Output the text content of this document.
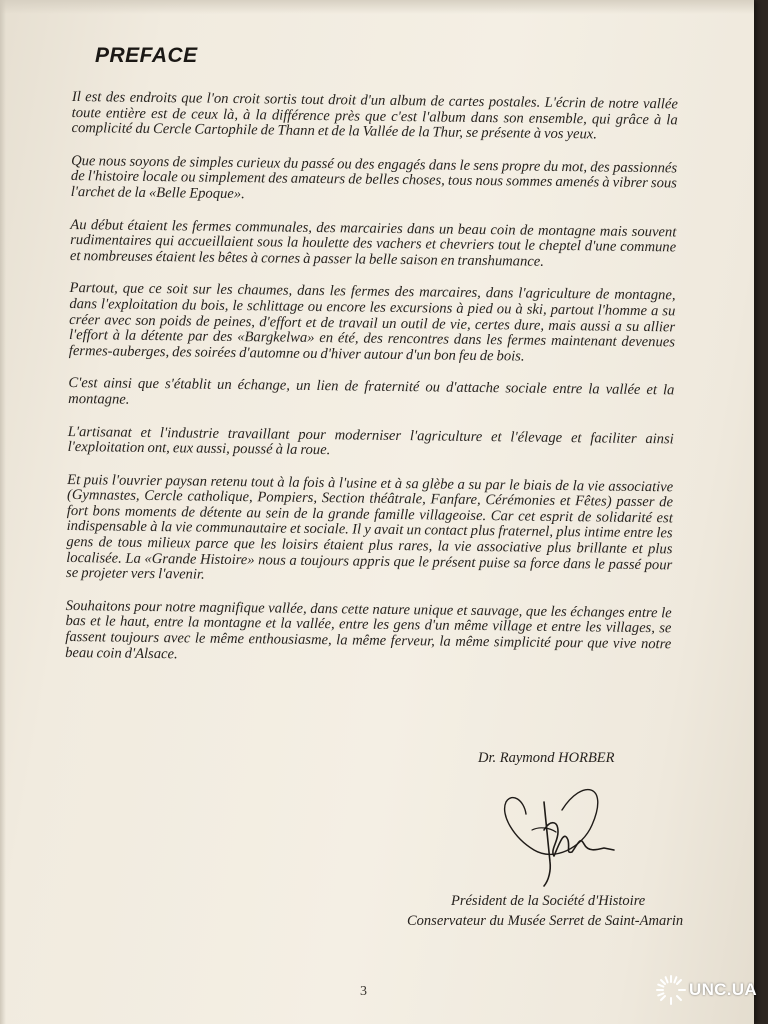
PREFACE

Il est des endroits que l'on croit sortis tout droit d'un album de cartes postales. L'écrin de notre vallée toute entière est de ceux là, à la différence près que c'est l'album dans son ensemble, qui grâce à la complicité du Cercle Cartophile de Thann et de la Vallée de la Thur, se présente à vos yeux.

Que nous soyons de simples curieux du passé ou des engagés dans le sens propre du mot, des passionnés de l'histoire locale ou simplement des amateurs de belles choses, tous nous sommes amenés à vibrer sous l'archet de la «Belle Epoque».

Au début étaient les fermes communales, des marcairies dans un beau coin de montagne mais souvent rudimentaires qui accueillaient sous la houlette des vachers et chevriers tout le cheptel d'une commune et nombreuses étaient les bêtes à cornes à passer la belle saison en transhumance.

Partout, que ce soit sur les chaumes, dans les fermes des marcaires, dans l'agriculture de montagne, dans l'exploitation du bois, le schlittage ou encore les excursions à pied ou à ski, partout l'homme a su créer avec son poids de peines, d'effort et de travail un outil de vie, certes dure, mais aussi a su allier l'effort à la détente par des «Bargkelwa» en été, des rencontres dans les fermes maintenant devenues fermes-auberges, des soirées d'automne ou d'hiver autour d'un bon feu de bois.

C'est ainsi que s'établit un échange, un lien de fraternité ou d'attache sociale entre la vallée et la montagne.

L'artisanat et l'industrie travaillant pour moderniser l'agriculture et l'élevage et faciliter ainsi l'exploitation ont, eux aussi, poussé à la roue.

Et puis l'ouvrier paysan retenu tout à la fois à l'usine et à sa glèbe a su par le biais de la vie associative (Gymnastes, Cercle catholique, Pompiers, Section théâtrale, Fanfare, Cérémonies et Fêtes) passer de fort bons moments de détente au sein de la grande famille villageoise. Car cet esprit de solidarité est indispensable à la vie communautaire et sociale. Il y avait un contact plus fraternel, plus intime entre les gens de tous milieux parce que les loisirs étaient plus rares, la vie associative plus brillante et plus localisée. La «Grande Histoire» nous a toujours appris que le présent puise sa force dans le passé pour se projeter vers l'avenir.

Souhaitons pour notre magnifique vallée, dans cette nature unique et sauvage, que les échanges entre le bas et le haut, entre la montagne et la vallée, entre les gens d'un même village et entre les villages, se fassent toujours avec le même enthousiasme, la même ferveur, la même simplicité pour que vive notre beau coin d'Alsace.

Dr. Raymond HORBER
Président de la Société d'Histoire
Conservateur du Musée Serret de Saint-Amarin
3	UNC.UA
